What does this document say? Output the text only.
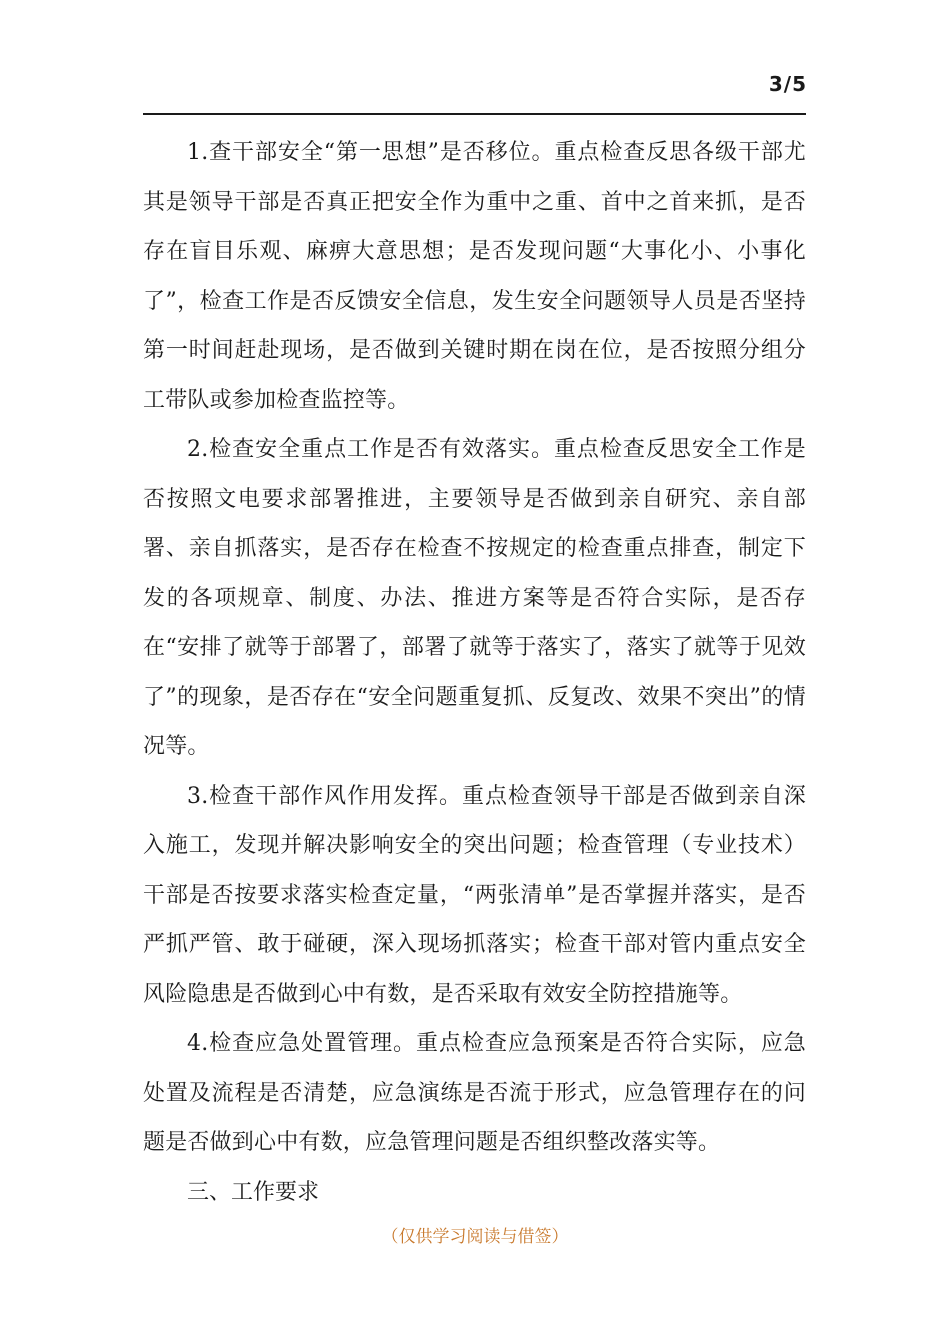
3/5

1.查干部安全“第一思想”是否移位。重点检查反思各级干部尤其是领导干部是否真正把安全作为重中之重、首中之首来抓，是否存在盲目乐观、麻痹大意思想；是否发现问题“大事化小、小事化了”，检查工作是否反馈安全信息，发生安全问题领导人员是否坚持第一时间赶赴现场，是否做到关键时期在岗在位，是否按照分组分工带队或参加检查监控等。

2.检查安全重点工作是否有效落实。重点检查反思安全工作是否按照文电要求部署推进，主要领导是否做到亲自研究、亲自部署、亲自抓落实，是否存在检查不按规定的检查重点排查，制定下发的各项规章、制度、办法、推进方案等是否符合实际，是否存在“安排了就等于部署了，部署了就等于落实了，落实了就等于见效了”的现象，是否存在“安全问题重复抓、反复改、效果不突出”的情况等。

3.检查干部作风作用发挥。重点检查领导干部是否做到亲自深入施工，发现并解决影响安全的突出问题；检查管理（专业技术）干部是否按要求落实检查定量，“两张清单”是否掌握并落实，是否严抓严管、敢于碰硬，深入现场抓落实；检查干部对管内重点安全风险隐患是否做到心中有数，是否采取有效安全防控措施等。

4.检查应急处置管理。重点检查应急预案是否符合实际，应急处置及流程是否清楚，应急演练是否流于形式，应急管理存在的问题是否做到心中有数，应急管理问题是否组织整改落实等。

三、工作要求

（仅供学习阅读与借签）
